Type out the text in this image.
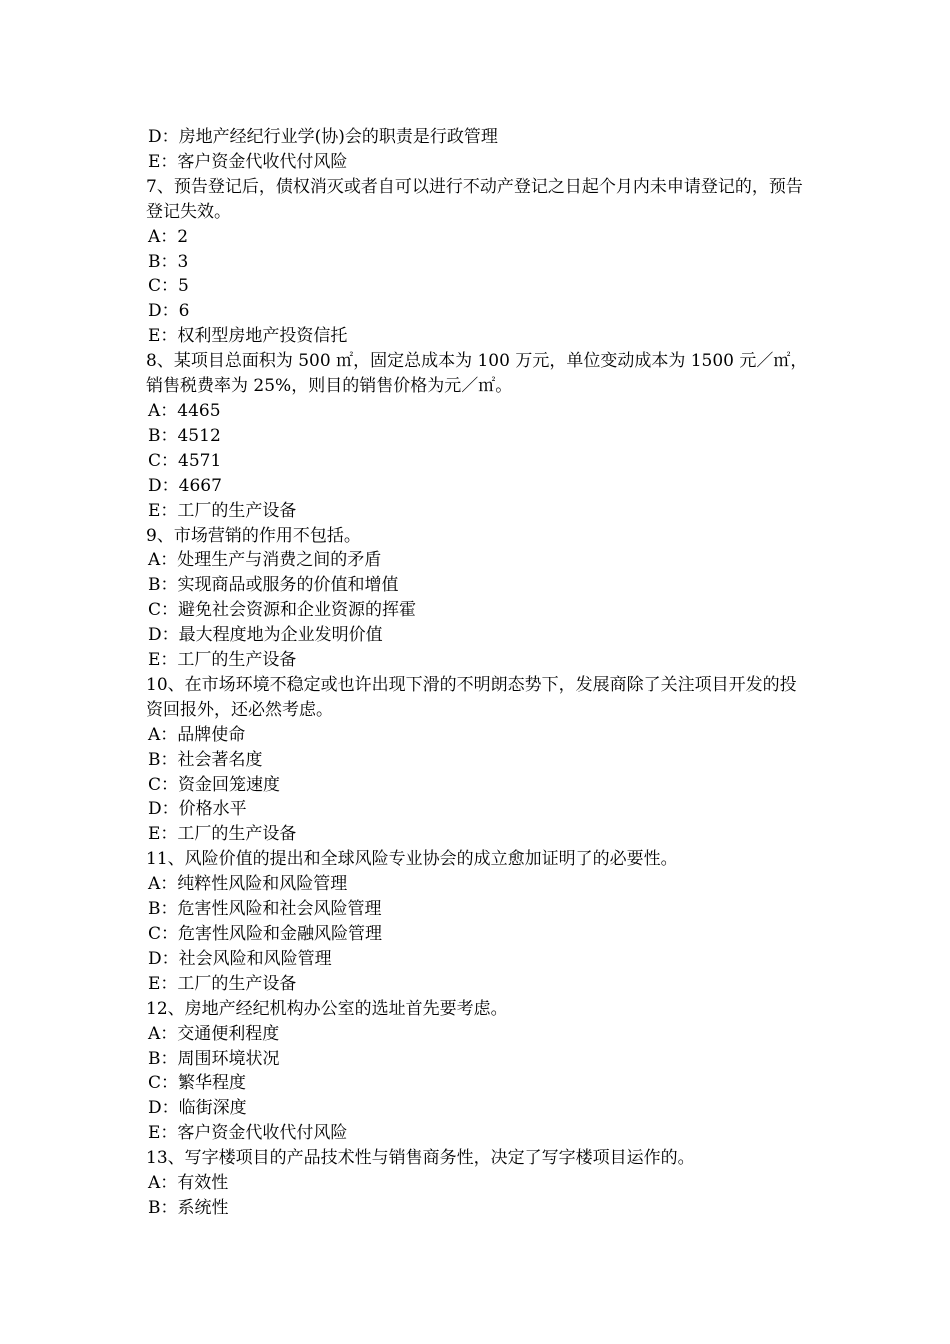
D：房地产经纪行业学(协)会的职责是行政管理
E：客户资金代收代付风险
7、预告登记后，债权消灭或者自可以进行不动产登记之日起个月内未申请登记的，预告登记失效。
A：2
B：3
C：5
D：6
E：权利型房地产投资信托
8、某项目总面积为 500 ㎡，固定总成本为 100 万元，单位变动成本为 1500 元／㎡，销售税费率为 25%，则目的销售价格为元／㎡。
A：4465
B：4512
C：4571
D：4667
E：工厂的生产设备
9、市场营销的作用不包括。
A：处理生产与消费之间的矛盾
B：实现商品或服务的价值和增值
C：避免社会资源和企业资源的挥霍
D：最大程度地为企业发明价值
E：工厂的生产设备
10、在市场环境不稳定或也许出现下滑的不明朗态势下，发展商除了关注项目开发的投资回报外，还必然考虑。
A：品牌使命
B：社会著名度
C：资金回笼速度
D：价格水平
E：工厂的生产设备
11、风险价值的提出和全球风险专业协会的成立愈加证明了的必要性。
A：纯粹性风险和风险管理
B：危害性风险和社会风险管理
C：危害性风险和金融风险管理
D：社会风险和风险管理
E：工厂的生产设备
12、房地产经纪机构办公室的选址首先要考虑。
A：交通便利程度
B：周围环境状况
C：繁华程度
D：临街深度
E：客户资金代收代付风险
13、写字楼项目的产品技术性与销售商务性，决定了写字楼项目运作的。
A：有效性
B：系统性
